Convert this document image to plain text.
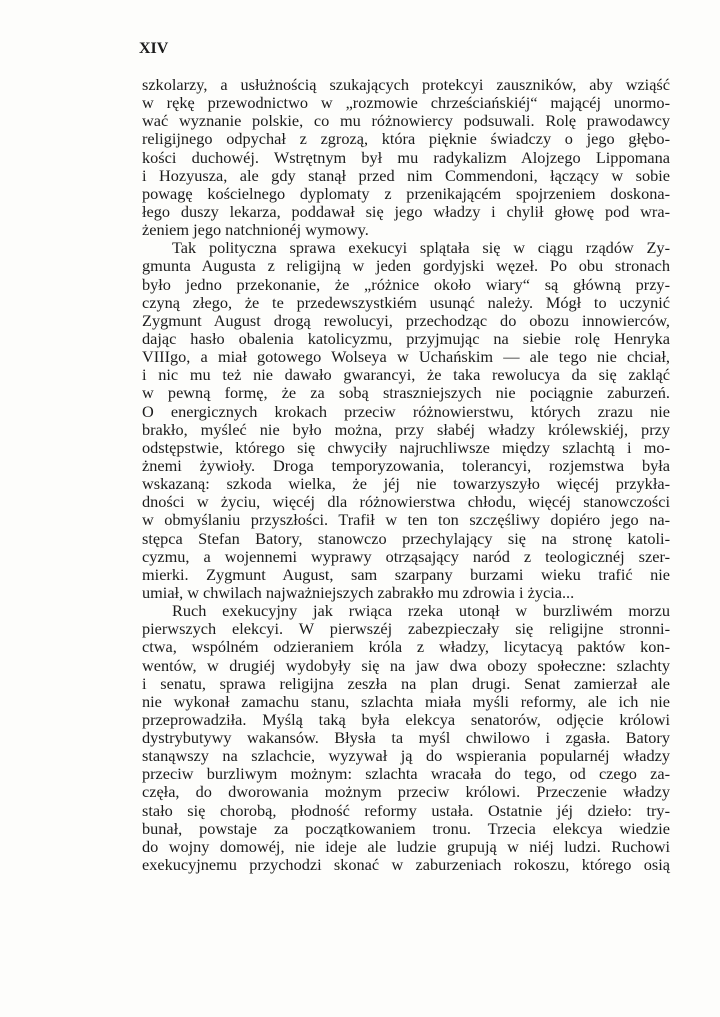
XIV
szkolarzy, a usłużnością szukających protekcyi zauszników, aby wziąść
w rękę przewodnictwo w „rozmowie chrześciańskiéj“ mającéj unormo-
wać wyznanie polskie, co mu różnowiercy podsuwali. Rolę prawodawcy
religijnego odpychał z zgrozą, która pięknie świadczy o jego głębo-
kości duchowéj. Wstrętnym był mu radykalizm Alojzego Lippomana
i Hozyusza, ale gdy stanął przed nim Commendoni, łączący w sobie
powagę kościelnego dyplomaty z przenikającém spojrzeniem doskona-
łego duszy lekarza, poddawał się jego władzy i chylił głowę pod wra-
żeniem jego natchnionéj wymowy.
Tak polityczna sprawa exekucyi splątała się w ciągu rządów Zy-
gmunta Augusta z religijną w jeden gordyjski węzeł. Po obu stronach
było jedno przekonanie, że „różnice około wiary“ są główną przy-
czyną złego, że te przedewszystkiém usunąć należy. Mógł to uczynić
Zygmunt August drogą rewolucyi, przechodząc do obozu innowierców,
dając hasło obalenia katolicyzmu, przyjmując na siebie rolę Henryka
VIIIgo, a miał gotowego Wolseya w Uchańskim — ale tego nie chciał,
i nic mu też nie dawało gwarancyi, że taka rewolucya da się zakląć
w pewną formę, że za sobą straszniejszych nie pociągnie zaburzeń.
O energicznych krokach przeciw różnowierstwu, których zrazu nie
brakło, myśleć nie było można, przy słabéj władzy królewskiéj, przy
odstępstwie, którego się chwyciły najruchliwsze między szlachtą i mo-
żnemi żywioły. Droga temporyzowania, tolerancyi, rozjemstwa była
wskazaną: szkoda wielka, że jéj nie towarzyszyło więcéj przykła-
dności w życiu, więcéj dla różnowierstwa chłodu, więcéj stanowczości
w obmyślaniu przyszłości. Trafił w ten ton szczęśliwy dopiéro jego na-
stępca Stefan Batory, stanowczo przechylający się na stronę katoli-
cyzmu, a wojennemi wyprawy otrząsający naród z teologicznéj szer-
mierki. Zygmunt August, sam szarpany burzami wieku trafić nie
umiał, w chwilach najważniejszych zabrakło mu zdrowia i życia...
Ruch exekucyjny jak rwiąca rzeka utonął w burzliwém morzu
pierwszych elekcyi. W pierwszéj zabezpieczały się religijne stronni-
ctwa, wspólném odzieraniem króla z władzy, licytacyą paktów kon-
wentów, w drugiéj wydobyły się na jaw dwa obozy społeczne: szlachty
i senatu, sprawa religijna zeszła na plan drugi. Senat zamierzał ale
nie wykonał zamachu stanu, szlachta miała myśli reformy, ale ich nie
przeprowadziła. Myślą taką była elekcya senatorów, odjęcie królowi
dystrybutywy wakansów. Błysła ta myśl chwilowo i zgasła. Batory
stanąwszy na szlachcie, wyzywał ją do wspierania popularnéj władzy
przeciw burzliwym możnym: szlachta wracała do tego, od czego za-
częła, do dworowania możnym przeciw królowi. Przeczenie władzy
stało się chorobą, płodność reformy ustała. Ostatnie jéj dzieło: try-
bunał, powstaje za początkowaniem tronu. Trzecia elekcya wiedzie
do wojny domowéj, nie ideje ale ludzie grupują w niéj ludzi. Ruchowi
exekucyjnemu przychodzi skonać w zaburzeniach rokoszu, którego osią
